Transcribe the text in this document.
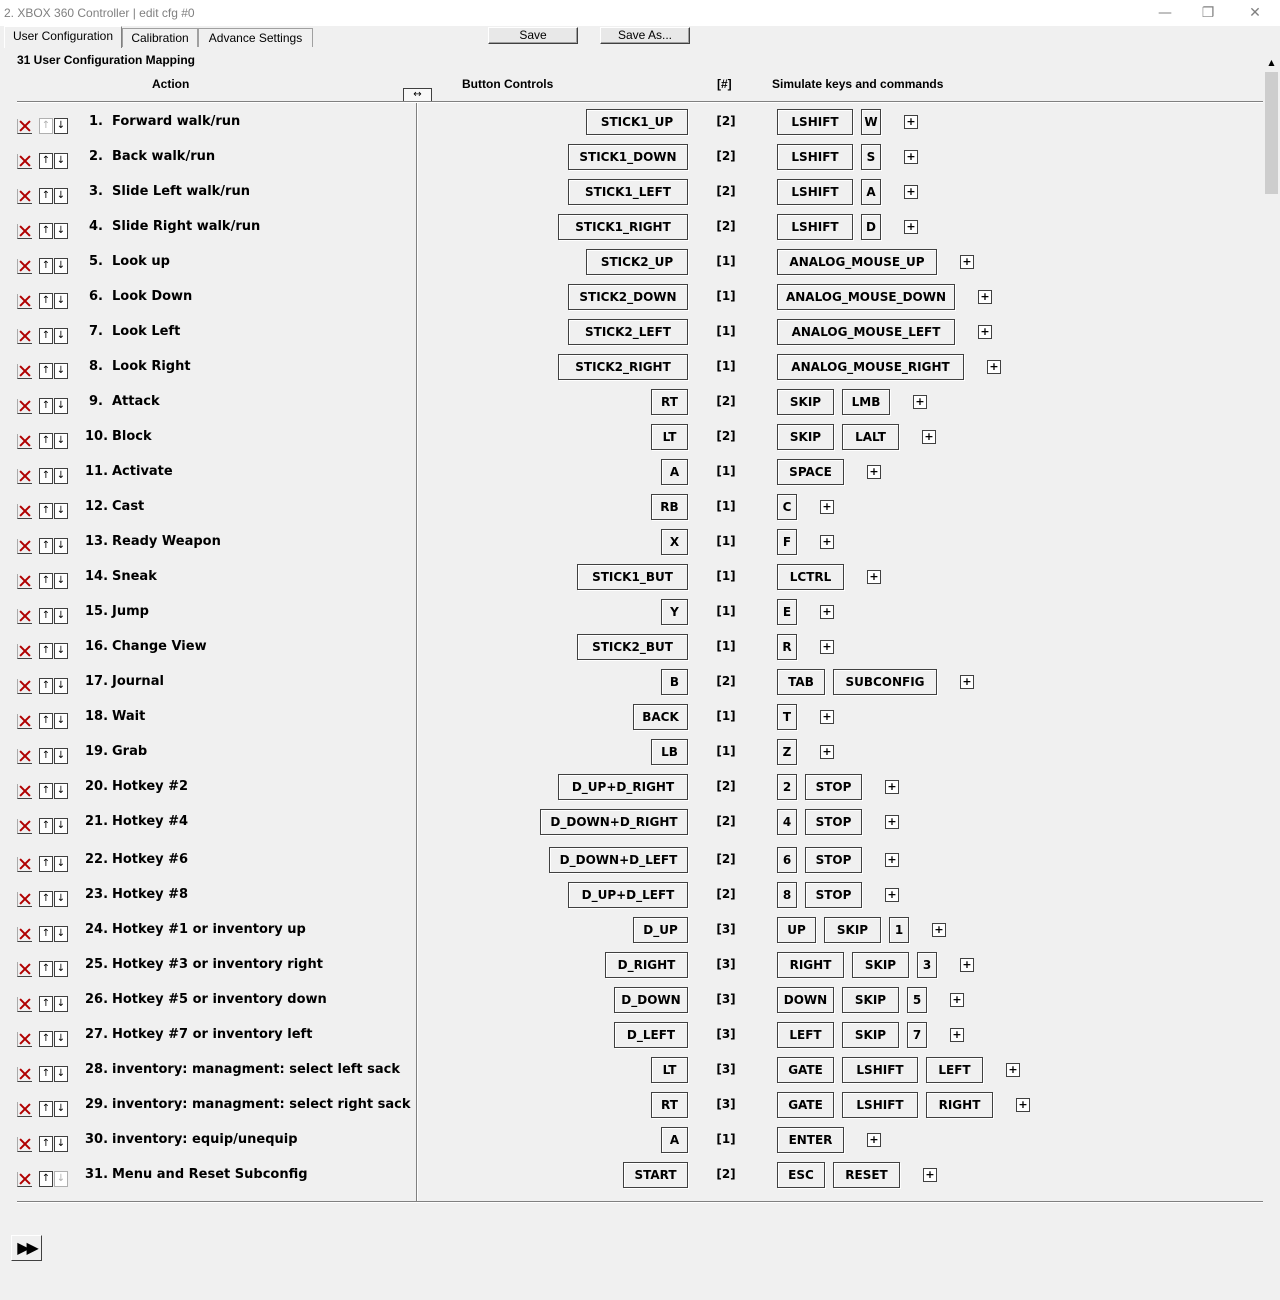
2. XBOX 360 Controller | edit cfg #0	—	❐	✕
User Configuration	Calibration	Advance Settings	Save	Save As...
31 User Configuration Mapping
Action	Button Controls	[#]	Simulate keys and commands
↔
↑ ↓ 1. Forward walk/run	STICK1_UP	[2]	LSHIFT	W	+
↑ ↓ 2. Back walk/run	STICK1_DOWN	[2]	LSHIFT	S	+
↑ ↓ 3. Slide Left walk/run	STICK1_LEFT	[2]	LSHIFT	A	+
↑ ↓ 4. Slide Right walk/run	STICK1_RIGHT	[2]	LSHIFT	D	+
↑ ↓ 5. Look up	STICK2_UP	[1]	ANALOG_MOUSE_UP	+
↑ ↓ 6. Look Down	STICK2_DOWN	[1]	ANALOG_MOUSE_DOWN	+
↑ ↓ 7. Look Left	STICK2_LEFT	[1]	ANALOG_MOUSE_LEFT	+
↑ ↓ 8. Look Right	STICK2_RIGHT	[1]	ANALOG_MOUSE_RIGHT	+
↑ ↓ 9. Attack	RT	[2]	SKIP	LMB	+
↑ ↓ 10. Block	LT	[2]	SKIP	LALT	+
↑ ↓ 11. Activate	A	[1]	SPACE	+
↑ ↓ 12. Cast	RB	[1]	C	+
↑ ↓ 13. Ready Weapon	X	[1]	F	+
↑ ↓ 14. Sneak	STICK1_BUT	[1]	LCTRL	+
↑ ↓ 15. Jump	Y	[1]	E	+
↑ ↓ 16. Change View	STICK2_BUT	[1]	R	+
↑ ↓ 17. Journal	B	[2]	TAB	SUBCONFIG	+
↑ ↓ 18. Wait	BACK	[1]	T	+
↑ ↓ 19. Grab	LB	[1]	Z	+
↑ ↓ 20. Hotkey #2	D_UP+D_RIGHT	[2]	2	STOP	+
↑ ↓ 21. Hotkey #4	D_DOWN+D_RIGHT	[2]	4	STOP	+
↑ ↓ 22. Hotkey #6	D_DOWN+D_LEFT	[2]	6	STOP	+
↑ ↓ 23. Hotkey #8	D_UP+D_LEFT	[2]	8	STOP	+
↑ ↓ 24. Hotkey #1 or inventory up	D_UP	[3]	UP	SKIP	1	+
↑ ↓ 25. Hotkey #3 or inventory right	D_RIGHT	[3]	RIGHT	SKIP	3	+
↑ ↓ 26. Hotkey #5 or inventory down	D_DOWN	[3]	DOWN	SKIP	5	+
↑ ↓ 27. Hotkey #7 or inventory left	D_LEFT	[3]	LEFT	SKIP	7	+
↑ ↓ 28. inventory: managment: select left sack	LT	[3]	GATE	LSHIFT	LEFT	+
↑ ↓ 29. inventory: managment: select right sack	RT	[3]	GATE	LSHIFT	RIGHT	+
↑ ↓ 30. inventory: equip/unequip	A	[1]	ENTER	+
↑ ↓ 31. Menu and Reset Subconfig	START	[2]	ESC	RESET	+
▲
▶▶
